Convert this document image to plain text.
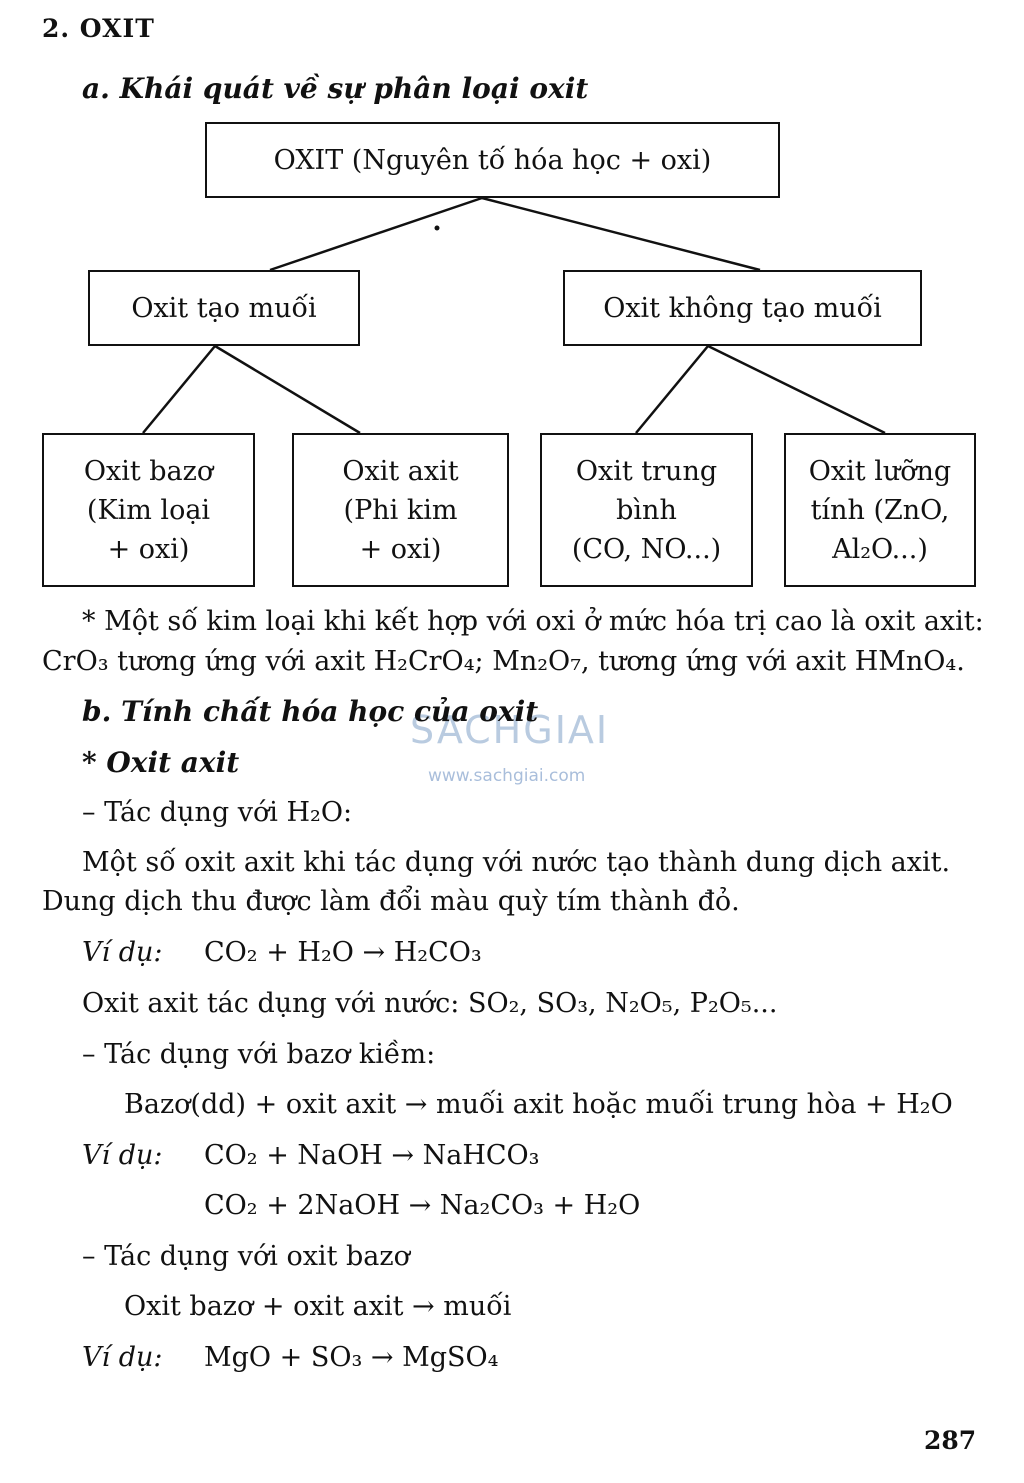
2. OXIT
a. Khái quát về sự phân loại oxit
OXIT (Nguyên tố hóa học + oxi)
Oxit tạo muối	Oxit không tạo muối
Oxit bazơ
(Kim loại
+ oxi)
Oxit axit
(Phi kim
+ oxi)
Oxit trung
bình
(CO, NO...)
Oxit lưỡng
tính (ZnO,
Al₂O...)
* Một số kim loại khi kết hợp với oxi ở mức hóa trị cao là oxit axit:
CrO₃ tương ứng với axit H₂CrO₄; Mn₂O₇, tương ứng với axit HMnO₄.
SACHGIAI
www.sachgiai.com
b. Tính chất hóa học của oxit
* Oxit axit
– Tác dụng với H₂O:
Một số oxit axit khi tác dụng với nước tạo thành dung dịch axit.
Dung dịch thu được làm đổi màu quỳ tím thành đỏ.
Ví dụ: CO₂ + H₂O → H₂CO₃
Oxit axit tác dụng với nước: SO₂, SO₃, N₂O₅, P₂O₅...
– Tác dụng với bazơ kiềm:
Bazơ(dd) + oxit axit → muối axit hoặc muối trung hòa + H₂O
Ví dụ: CO₂ + NaOH → NaHCO₃
CO₂ + 2NaOH → Na₂CO₃ + H₂O
– Tác dụng với oxit bazơ
Oxit bazơ + oxit axit → muối
Ví dụ: MgO + SO₃ → MgSO₄
287
